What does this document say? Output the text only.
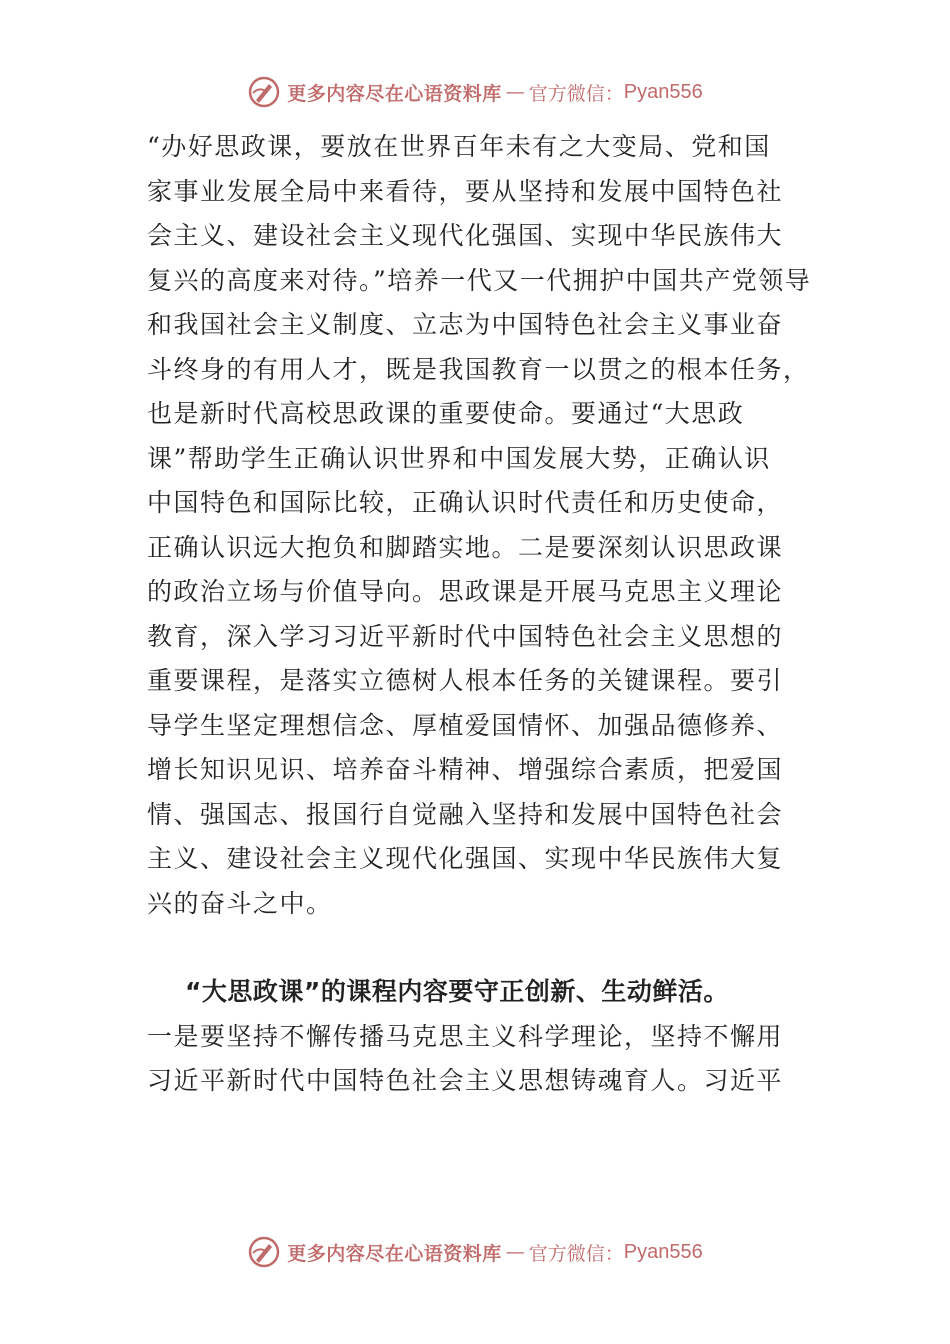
更多内容尽在心语资料库 — 官方微信： Pyan556

“办好思政课，要放在世界百年未有之大变局、党和国
家事业发展全局中来看待，要从坚持和发展中国特色社
会主义、建设社会主义现代化强国、实现中华民族伟大
复兴的高度来对待。”培养一代又一代拥护中国共产党领导
和我国社会主义制度、立志为中国特色社会主义事业奋
斗终身的有用人才，既是我国教育一以贯之的根本任务，
也是新时代高校思政课的重要使命。要通过“大思政
课”帮助学生正确认识世界和中国发展大势，正确认识
中国特色和国际比较，正确认识时代责任和历史使命，
正确认识远大抱负和脚踏实地。二是要深刻认识思政课
的政治立场与价值导向。思政课是开展马克思主义理论
教育，深入学习习近平新时代中国特色社会主义思想的
重要课程，是落实立德树人根本任务的关键课程。要引
导学生坚定理想信念、厚植爱国情怀、加强品德修养、
增长知识见识、培养奋斗精神、增强综合素质，把爱国
情、强国志、报国行自觉融入坚持和发展中国特色社会
主义、建设社会主义现代化强国、实现中华民族伟大复
兴的奋斗之中。

“大思政课”的课程内容要守正创新、生动鲜活。
一是要坚持不懈传播马克思主义科学理论，坚持不懈用
习近平新时代中国特色社会主义思想铸魂育人。习近平

更多内容尽在心语资料库 — 官方微信： Pyan556
